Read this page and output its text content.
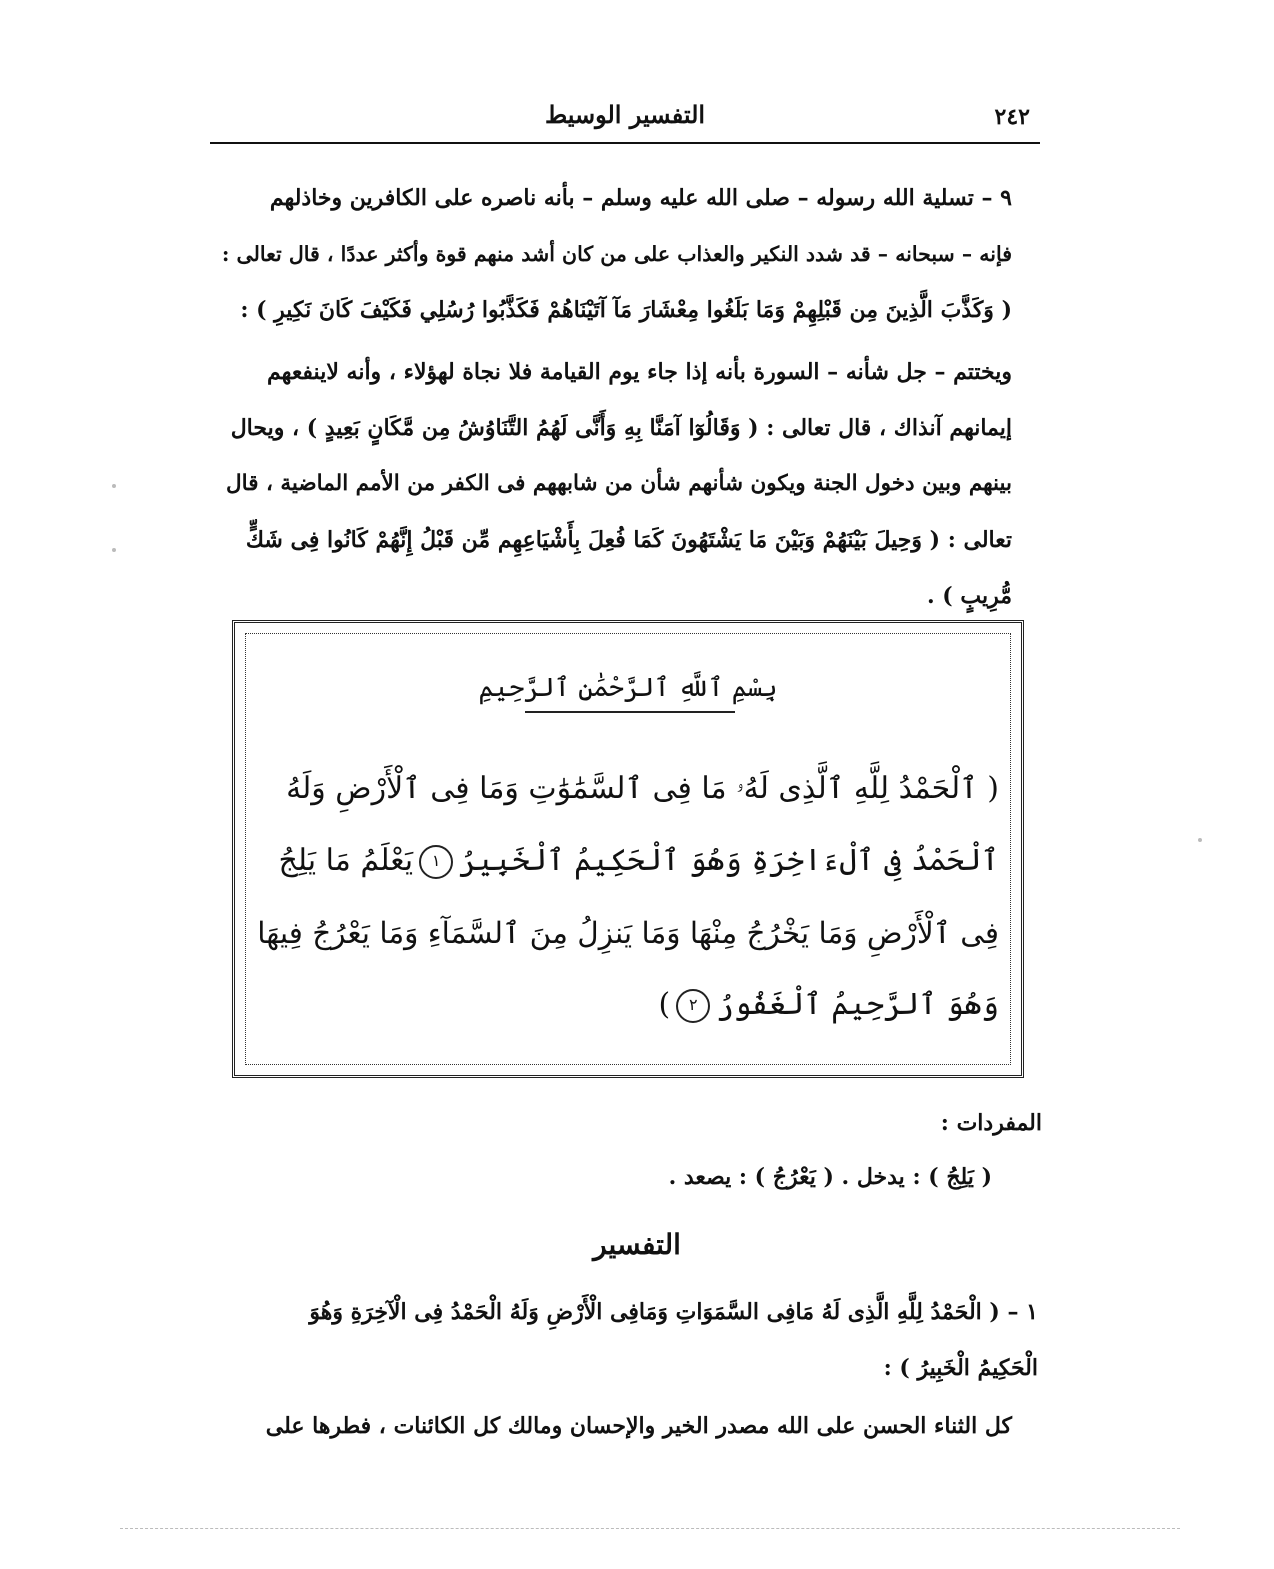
٢٤٢
التفسير الوسيط
٩ – تسلية الله رسوله – صلى الله عليه وسلم – بأنه ناصره على الكافرين وخاذلهم
فإنه – سبحانه – قد شدد النكير والعذاب على من كان أشد منهم قوة وأكثر عددًا ، قال تعالى :
( وَكَذَّبَ الَّذِينَ مِن قَبْلِهِمْ وَمَا بَلَغُوا مِعْشَارَ مَآ آتَيْنَاهُمْ فَكَذَّبُوا رُسُلِي فَكَيْفَ كَانَ نَكِيرِ ) :
ويختتم – جل شأنه – السورة بأنه إذا جاء يوم القيامة فلا نجاة لهؤلاء ، وأنه لاينفعهم
إيمانهم آنذاك ، قال تعالى : ( وَقَالُوٓا آمَنَّا بِهِ وَأَنَّى لَهُمُ التَّنَاوُشُ مِن مَّكَانٍ بَعِيدٍ ) ، ويحال
بينهم وبين دخول الجنة ويكون شأنهم شأن من شابههم فى الكفر من الأمم الماضية ، قال
تعالى : ( وَحِيلَ بَيْنَهُمْ وَبَيْنَ مَا يَشْتَهُونَ كَمَا فُعِلَ بِأَشْيَاعِهِم مِّن قَبْلُ إِنَّهُمْ كَانُوا فِى شَكٍّ
مُّرِيبٍ ) .
بِسْمِ ٱللَّهِ ٱلرَّحْمَٰنِ ٱلرَّحِيمِ
( ٱلْحَمْدُ لِلَّهِ ٱلَّذِى لَهُۥ مَا فِى ٱلسَّمَٰوَٰتِ وَمَا فِى ٱلْأَرْضِ وَلَهُ
ٱلْحَمْدُ فِى ٱلْءَاخِرَةِ وَهُوَ ٱلْحَكِيمُ ٱلْخَبِيرُ١يَعْلَمُ مَا يَلِجُ
فِى ٱلْأَرْضِ وَمَا يَخْرُجُ مِنْهَا وَمَا يَنزِلُ مِنَ ٱلسَّمَآءِ وَمَا يَعْرُجُ فِيهَا
وَهُوَ ٱلرَّحِيمُ ٱلْغَفُورُ٢)
المفردات :
( يَلِجُ ) : يدخل . ( يَعْرُجُ ) : يصعد .
التفسير
١ – ( الْحَمْدُ لِلَّهِ الَّذِى لَهُ مَافِى السَّمَوَاتِ وَمَافِى الْأَرْضِ وَلَهُ الْحَمْدُ فِى الْآخِرَةِ وَهُوَ
الْحَكِيمُ الْخَبِيرُ ) :
كل الثناء الحسن على الله مصدر الخير والإحسان ومالك كل الكائنات ، فطرها على
